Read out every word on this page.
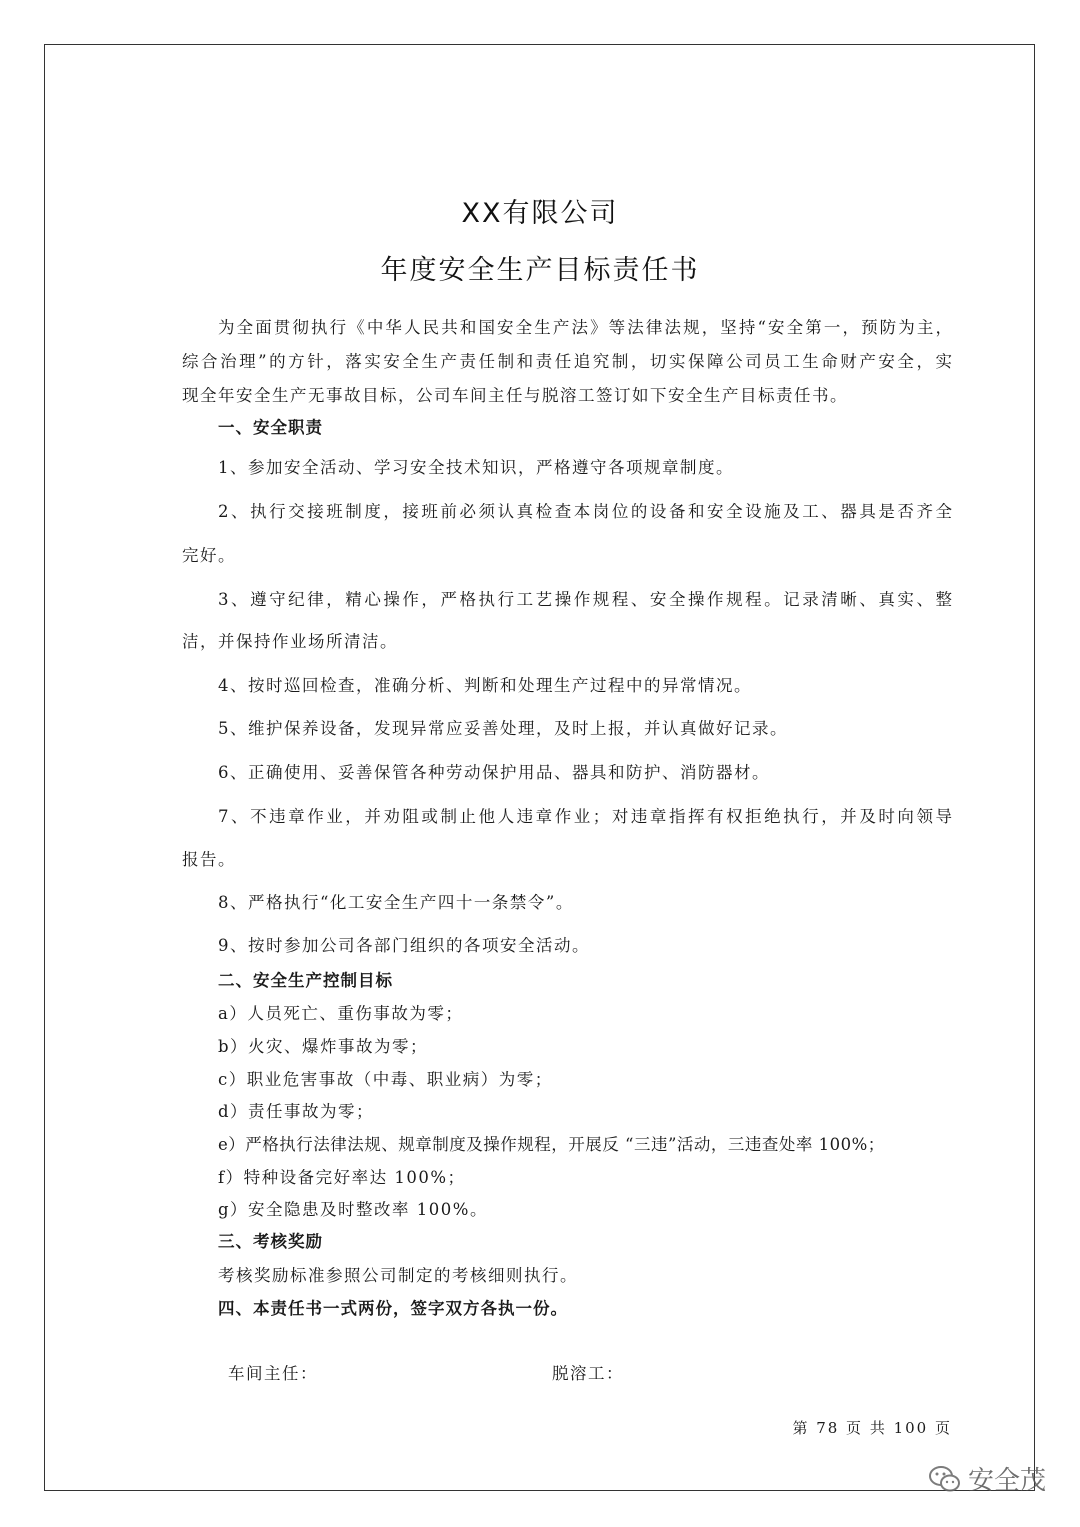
XX有限公司
年度安全生产目标责任书
为全面贯彻执行《中华人民共和国安全生产法》等法律法规，坚持“安全第一，预防为主，
综合治理”的方针，落实安全生产责任制和责任追究制，切实保障公司员工生命财产安全，实
现全年安全生产无事故目标，公司车间主任与脱溶工签订如下安全生产目标责任书。
一、安全职责
1、参加安全活动、学习安全技术知识，严格遵守各项规章制度。
2、执行交接班制度，接班前必须认真检查本岗位的设备和安全设施及工、器具是否齐全
完好。
3、遵守纪律，精心操作，严格执行工艺操作规程、安全操作规程。记录清晰、真实、整
洁，并保持作业场所清洁。
4、按时巡回检查，准确分析、判断和处理生产过程中的异常情况。
5、维护保养设备，发现异常应妥善处理，及时上报，并认真做好记录。
6、正确使用、妥善保管各种劳动保护用品、器具和防护、消防器材。
7、不违章作业，并劝阻或制止他人违章作业；对违章指挥有权拒绝执行，并及时向领导
报告。
8、严格执行“化工安全生产四十一条禁令”。
9、按时参加公司各部门组织的各项安全活动。
二、安全生产控制目标
a）人员死亡、重伤事故为零；
b）火灾、爆炸事故为零；
c）职业危害事故（中毒、职业病）为零；
d）责任事故为零；
e）严格执行法律法规、规章制度及操作规程，开展反 “三违”活动，三违查处率 100%；
f）特种设备完好率达 100%；
g）安全隐患及时整改率 100%。
三、考核奖励
考核奖励标准参照公司制定的考核细则执行。
四、本责任书一式两份，签字双方各执一份。
车间主任：	脱溶工：
第 78 页 共 100 页
安全茂
